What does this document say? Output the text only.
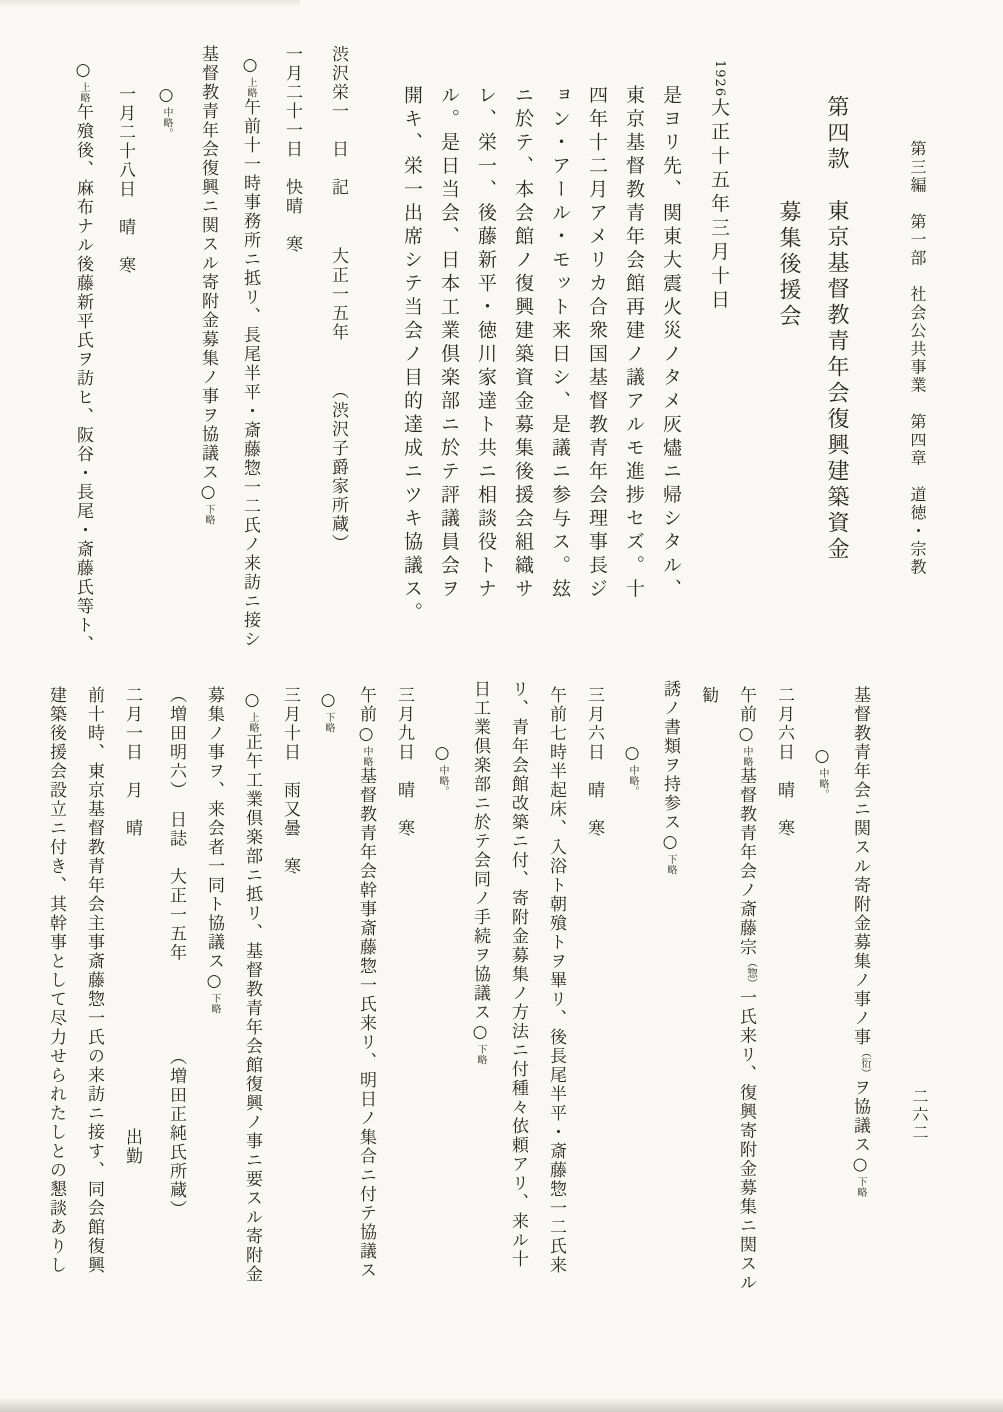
第三編　第一部　社会公共事業　第四章　道徳・宗教
二六二
第四款　東京基督教青年会復興建築資金
募集後援会
1926大正十五年三月十日
是ヨリ先、関東大震火災ノタメ灰燼ニ帰シタル、
東京基督教青年会館再建ノ議アルモ進捗セズ。十
四年十二月アメリカ合衆国基督教青年会理事長ジ
ョン・アール・モット来日シ、是議ニ参与ス。玆
ニ於テ、本会館ノ復興建築資金募集後援会組織サ
レ、栄一、後藤新平・徳川家達ト共ニ相談役トナ
ル。是日当会、日本工業倶楽部ニ於テ評議員会ヲ
開キ、栄一出席シテ当会ノ目的達成ニツキ協議ス。
渋沢栄一　日　記大正一五年（渋沢子爵家所蔵）
一月二十一日　快晴　寒
○上略午前十一時事務所ニ抵リ、長尾半平・斎藤惣一二氏ノ来訪ニ接シ
基督教青年会復興ニ関スル寄附金募集ノ事ヲ協議ス○下略
○中略。
一月二十八日　晴　寒
○上略午飱後、麻布ナル後藤新平氏ヲ訪ヒ、阪谷・長尾・斎藤氏等ト、
基督教青年会ニ関スル寄附金募集ノ事ノ事（衍）ヲ協議ス○下略
○中略。
二月六日　晴　寒
午前○中略基督教青年会ノ斎藤宗（惣）一氏来リ、復興寄附金募集ニ関スル勧
誘ノ書類ヲ持参ス○下略
○中略。
三月六日　晴　寒
午前七時半起床、入浴ト朝飱トヲ畢リ、後長尾半平・斎藤惣一二氏来
リ、青年会館改築ニ付、寄附金募集ノ方法ニ付種々依頼アリ、来ル十
日工業倶楽部ニ於テ会同ノ手続ヲ協議ス○下略
○中略。
三月九日　晴　寒
午前○中略基督教青年会幹事斎藤惣一氏来リ、明日ノ集合ニ付テ協議ス
○下略
三月十日　雨又曇　寒
○上略正午工業倶楽部ニ抵リ、基督教青年会館復興ノ事ニ要スル寄附金
募集ノ事ヲ、来会者一同ト協議ス○下略
（増田明六）　日誌　大正一五年（増田正純氏所蔵）
二月一日　月　晴出勤
前十時、東京基督教青年会主事斎藤惣一氏の来訪ニ接す、同会館復興
建築後援会設立ニ付き、其幹事として尽力せられたしとの懇談ありし
